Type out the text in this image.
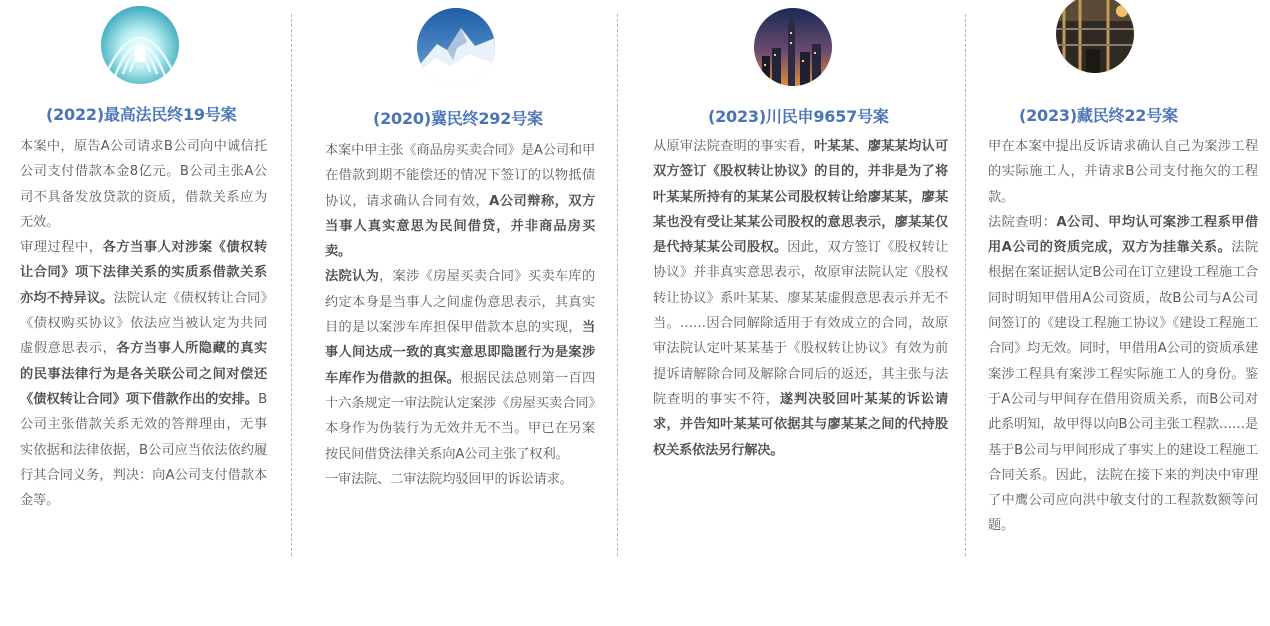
(2022)最高法民终19号案

本案中，原告A公司请求B公司向中诚信托公司支付借款本金8亿元。B公司主张A公司不具备发放贷款的资质，借款关系应为无效。

审理过程中，各方当事人对涉案《债权转让合同》项下法律关系的实质系借款关系亦均不持异议。法院认定《债权转让合同》《债权购买协议》依法应当被认定为共同虚假意思表示，各方当事人所隐藏的真实的民事法律行为是各关联公司之间对偿还《债权转让合同》项下借款作出的安排。B公司主张借款关系无效的答辩理由，无事实依据和法律依据，B公司应当依法依约履行其合同义务，判决：向A公司支付借款本金等。

(2020)冀民终292号案

本案中甲主张《商品房买卖合同》是A公司和甲在借款到期不能偿还的情况下签订的以物抵债协议，请求确认合同有效，A公司辩称，双方当事人真实意思为民间借贷，并非商品房买卖。

法院认为，案涉《房屋买卖合同》买卖车库的约定本身是当事人之间虚伪意思表示，其真实目的是以案涉车库担保甲借款本息的实现，当事人间达成一致的真实意思即隐匿行为是案涉车库作为借款的担保。根据民法总则第一百四十六条规定一审法院认定案涉《房屋买卖合同》本身作为伪装行为无效并无不当。甲已在另案按民间借贷法律关系向A公司主张了权利。

一审法院、二审法院均驳回甲的诉讼请求。

(2023)川民申9657号案

从原审法院查明的事实看，叶某某、廖某某均认可双方签订《股权转让协议》的目的，并非是为了将叶某某所持有的某某公司股权转让给廖某某，廖某某也没有受让某某公司股权的意思表示，廖某某仅是代持某某公司股权。因此，双方签订《股权转让协议》并非真实意思表示，故原审法院认定《股权转让协议》系叶某某、廖某某虚假意思表示并无不当。……因合同解除适用于有效成立的合同，故原审法院认定叶某某基于《股权转让协议》有效为前提诉请解除合同及解除合同后的返还，其主张与法院查明的事实不符，遂判决驳回叶某某的诉讼请求，并告知叶某某可依据其与廖某某之间的代持股权关系依法另行解决。

(2023)藏民终22号案

甲在本案中提出反诉请求确认自己为案涉工程的实际施工人，并请求B公司支付拖欠的工程款。

法院查明：A公司、甲均认可案涉工程系甲借用A公司的资质完成，双方为挂靠关系。法院根据在案证据认定B公司在订立建设工程施工合同时明知甲借用A公司资质，故B公司与A公司间签订的《建设工程施工协议》《建设工程施工合同》均无效。同时，甲借用A公司的资质承建案涉工程具有案涉工程实际施工人的身份。鉴于A公司与甲间存在借用资质关系，而B公司对此系明知，故甲得以向B公司主张工程款……是基于B公司与甲间形成了事实上的建设工程施工合同关系。因此，法院在接下来的判决中审理了中鹰公司应向洪中敏支付的工程款数额等问题。
